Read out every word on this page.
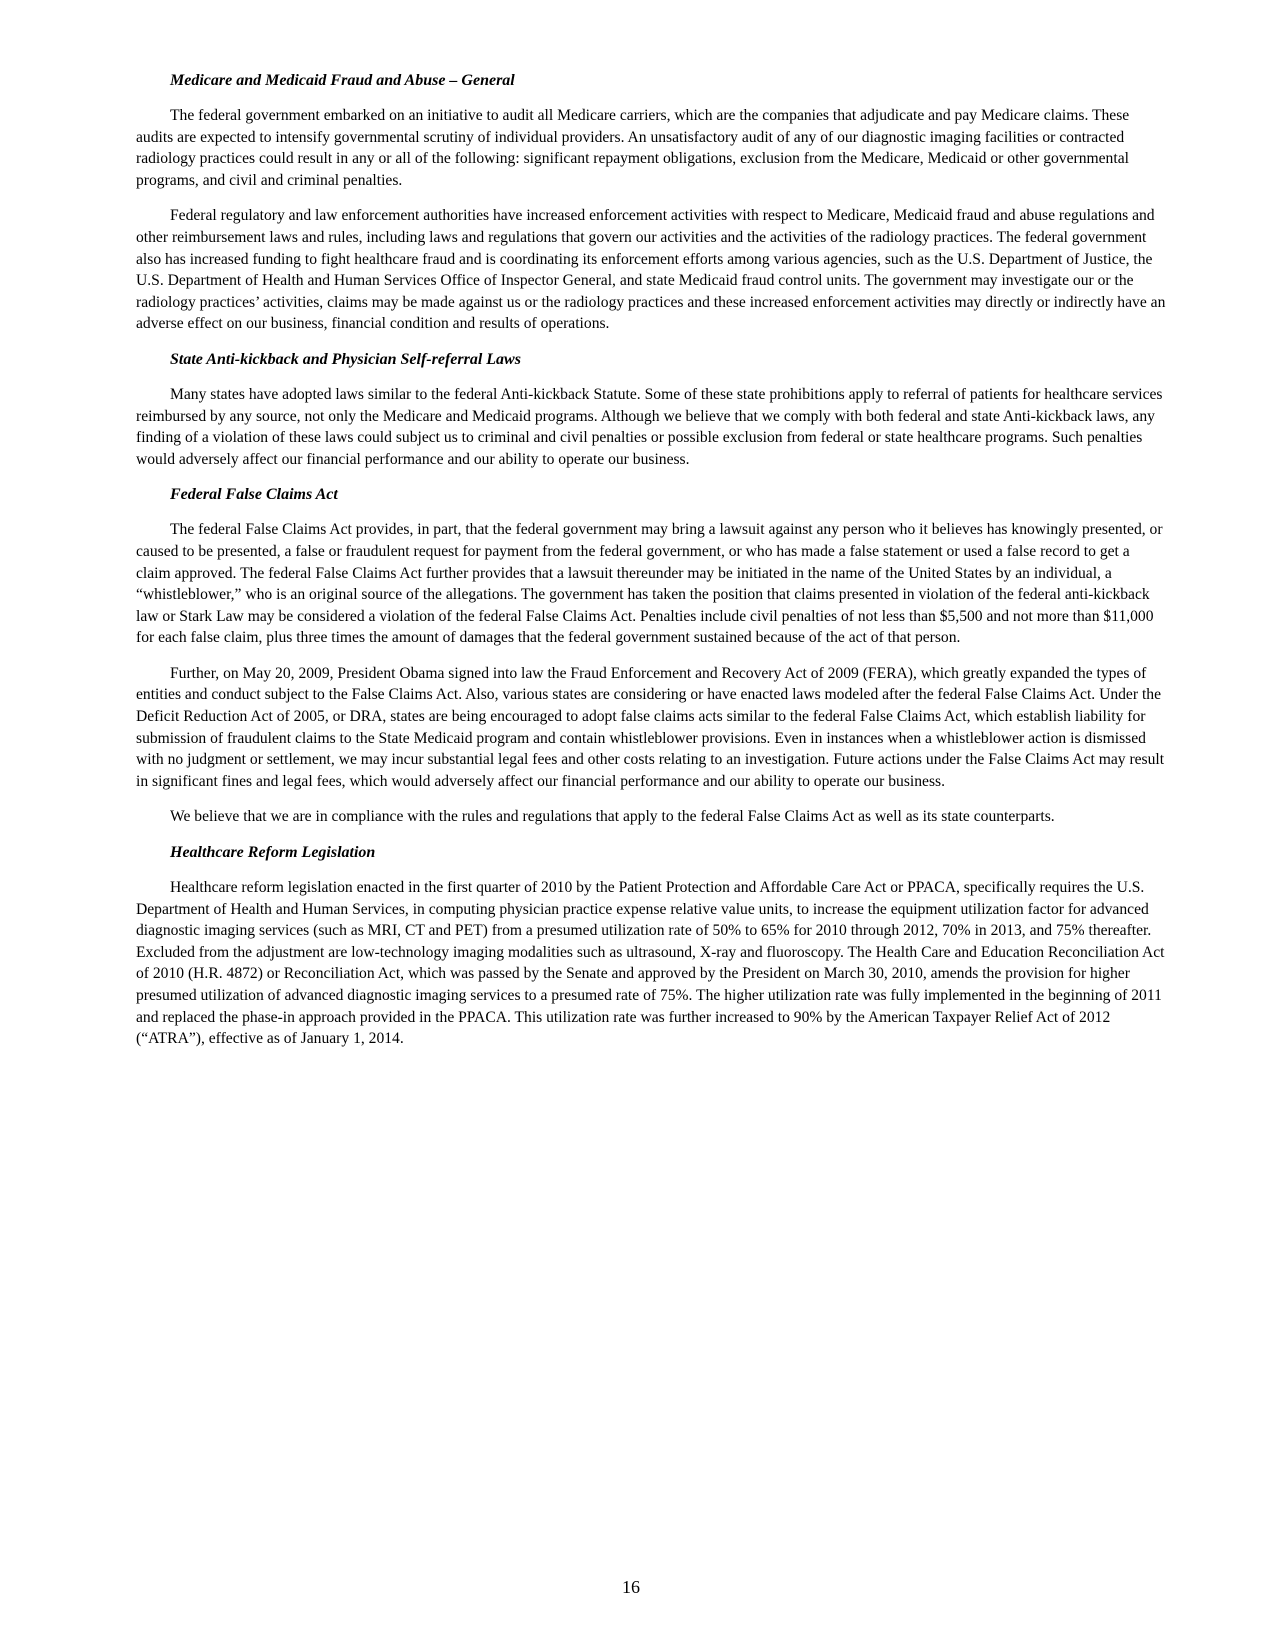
Medicare and Medicaid Fraud and Abuse – General

The federal government embarked on an initiative to audit all Medicare carriers, which are the companies that adjudicate and pay Medicare claims. These audits are expected to intensify governmental scrutiny of individual providers. An unsatisfactory audit of any of our diagnostic imaging facilities or contracted radiology practices could result in any or all of the following: significant repayment obligations, exclusion from the Medicare, Medicaid or other governmental programs, and civil and criminal penalties.

Federal regulatory and law enforcement authorities have increased enforcement activities with respect to Medicare, Medicaid fraud and abuse regulations and other reimbursement laws and rules, including laws and regulations that govern our activities and the activities of the radiology practices. The federal government also has increased funding to fight healthcare fraud and is coordinating its enforcement efforts among various agencies, such as the U.S. Department of Justice, the U.S. Department of Health and Human Services Office of Inspector General, and state Medicaid fraud control units. The government may investigate our or the radiology practices’ activities, claims may be made against us or the radiology practices and these increased enforcement activities may directly or indirectly have an adverse effect on our business, financial condition and results of operations.

State Anti-kickback and Physician Self-referral Laws

Many states have adopted laws similar to the federal Anti-kickback Statute. Some of these state prohibitions apply to referral of patients for healthcare services reimbursed by any source, not only the Medicare and Medicaid programs. Although we believe that we comply with both federal and state Anti-kickback laws, any finding of a violation of these laws could subject us to criminal and civil penalties or possible exclusion from federal or state healthcare programs. Such penalties would adversely affect our financial performance and our ability to operate our business.

Federal False Claims Act

The federal False Claims Act provides, in part, that the federal government may bring a lawsuit against any person who it believes has knowingly presented, or caused to be presented, a false or fraudulent request for payment from the federal government, or who has made a false statement or used a false record to get a claim approved. The federal False Claims Act further provides that a lawsuit thereunder may be initiated in the name of the United States by an individual, a “whistleblower,” who is an original source of the allegations. The government has taken the position that claims presented in violation of the federal anti-kickback law or Stark Law may be considered a violation of the federal False Claims Act. Penalties include civil penalties of not less than $5,500 and not more than $11,000 for each false claim, plus three times the amount of damages that the federal government sustained because of the act of that person.

Further, on May 20, 2009, President Obama signed into law the Fraud Enforcement and Recovery Act of 2009 (FERA), which greatly expanded the types of entities and conduct subject to the False Claims Act. Also, various states are considering or have enacted laws modeled after the federal False Claims Act. Under the Deficit Reduction Act of 2005, or DRA, states are being encouraged to adopt false claims acts similar to the federal False Claims Act, which establish liability for submission of fraudulent claims to the State Medicaid program and contain whistleblower provisions. Even in instances when a whistleblower action is dismissed with no judgment or settlement, we may incur substantial legal fees and other costs relating to an investigation. Future actions under the False Claims Act may result in significant fines and legal fees, which would adversely affect our financial performance and our ability to operate our business.

We believe that we are in compliance with the rules and regulations that apply to the federal False Claims Act as well as its state counterparts.

Healthcare Reform Legislation

Healthcare reform legislation enacted in the first quarter of 2010 by the Patient Protection and Affordable Care Act or PPACA, specifically requires the U.S. Department of Health and Human Services, in computing physician practice expense relative value units, to increase the equipment utilization factor for advanced diagnostic imaging services (such as MRI, CT and PET) from a presumed utilization rate of 50% to 65% for 2010 through 2012, 70% in 2013, and 75% thereafter. Excluded from the adjustment are low-technology imaging modalities such as ultrasound, X-ray and fluoroscopy. The Health Care and Education Reconciliation Act of 2010 (H.R. 4872) or Reconciliation Act, which was passed by the Senate and approved by the President on March 30, 2010, amends the provision for higher presumed utilization of advanced diagnostic imaging services to a presumed rate of 75%. The higher utilization rate was fully implemented in the beginning of 2011 and replaced the phase-in approach provided in the PPACA. This utilization rate was further increased to 90% by the American Taxpayer Relief Act of 2012 (“ATRA”), effective as of January 1, 2014.

16
